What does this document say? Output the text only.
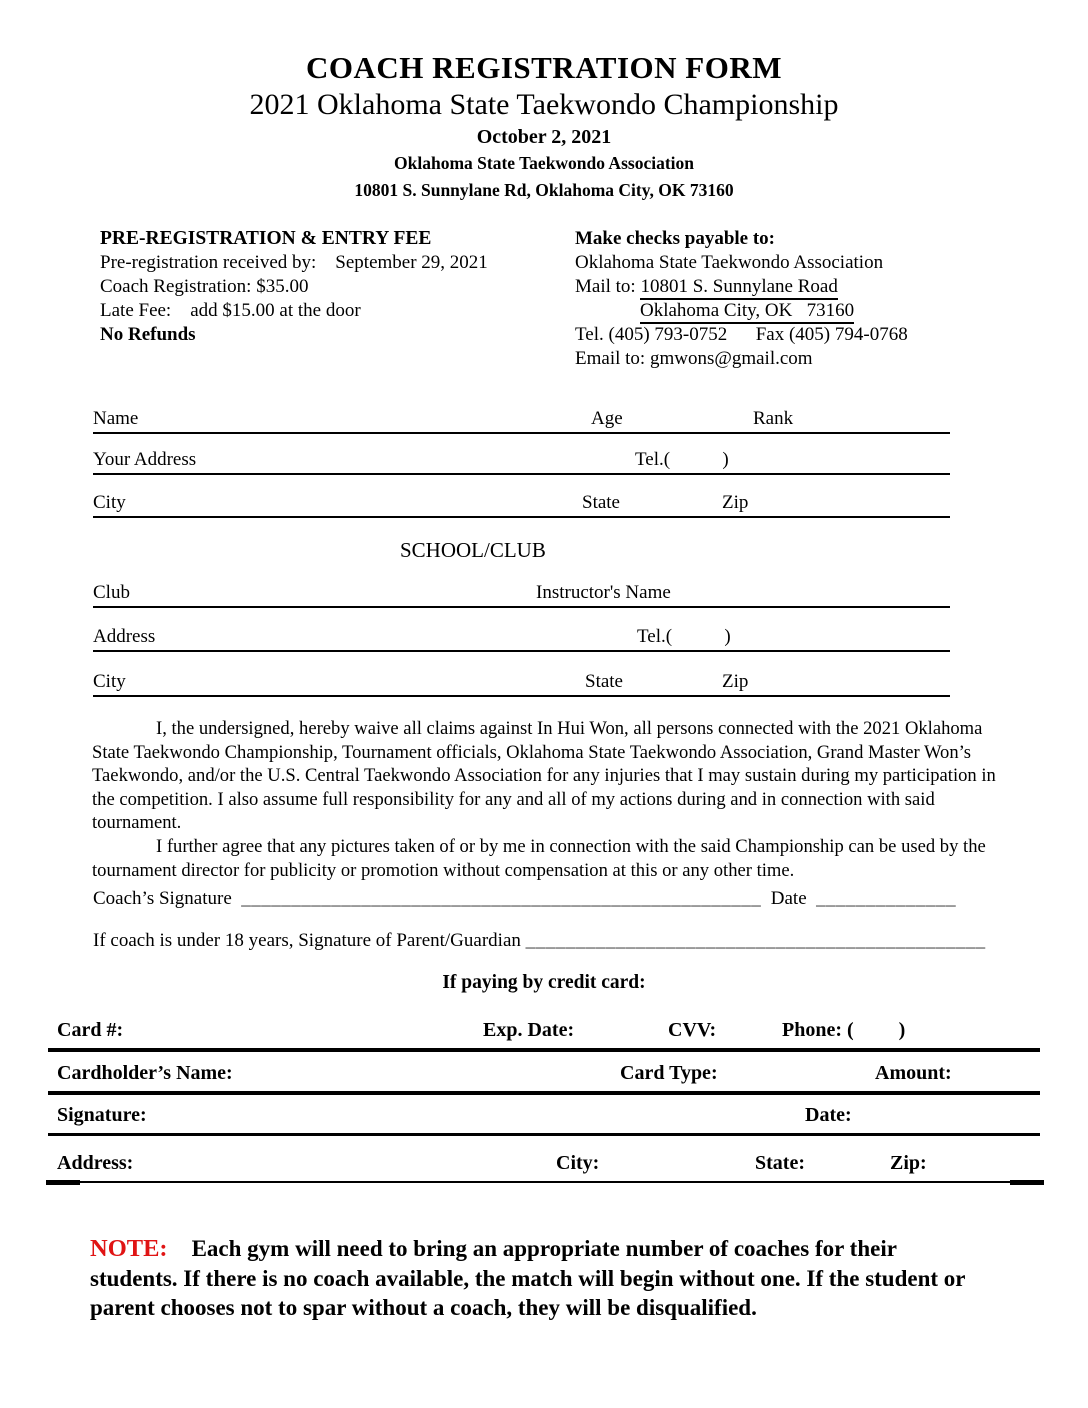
COACH REGISTRATION FORM
2021 Oklahoma State Taekwondo Championship
October 2, 2021
Oklahoma State Taekwondo Association
10801 S. Sunnylane Rd, Oklahoma City, OK 73160
PRE-REGISTRATION & ENTRY FEE
Pre-registration received by:    September 29, 2021
Coach Registration: $35.00
Late Fee:    add $15.00 at the door
No Refunds
Make checks payable to:
Oklahoma State Taekwondo Association
Mail to: 10801 S. Sunnylane Road
Oklahoma City, OK   73160
Tel. (405) 793-0752      Fax (405) 794-0768
Email to: gmwons@gmail.com
Name	Age	Rank
Your Address	Tel.(           )
City	State	Zip
SCHOOL/CLUB
Club	Instructor's Name
Address	Tel.(           )
City	State	Zip

I, the undersigned, hereby waive all claims against In Hui Won, all persons connected with the 2021 Oklahoma State Taekwondo Championship, Tournament officials, Oklahoma State Taekwondo Association, Grand Master Won’s Taekwondo, and/or the U.S. Central Taekwondo Association for any injuries that I may sustain during my participation in the competition. I also assume full responsibility for any and all of my actions during and in connection with said tournament.

I further agree that any pictures taken of or by me in connection with the said Championship can be used by the tournament director for publicity or promotion without compensation at this or any other time.

Coach’s Signature ____________________________________________________ Date ______________
If coach is under 18 years, Signature of Parent/Guardian ______________________________________________
If paying by credit card:
Card #:	Exp. Date:	CVV:	Phone: (         )
Cardholder’s Name:	Card Type:	Amount:
Signature:	Date:
Address:	City:	State:	Zip:

NOTE: Each gym will need to bring an appropriate number of coaches for their students. If there is no coach available, the match will begin without one. If the student or parent chooses not to spar without a coach, they will be disqualified.
